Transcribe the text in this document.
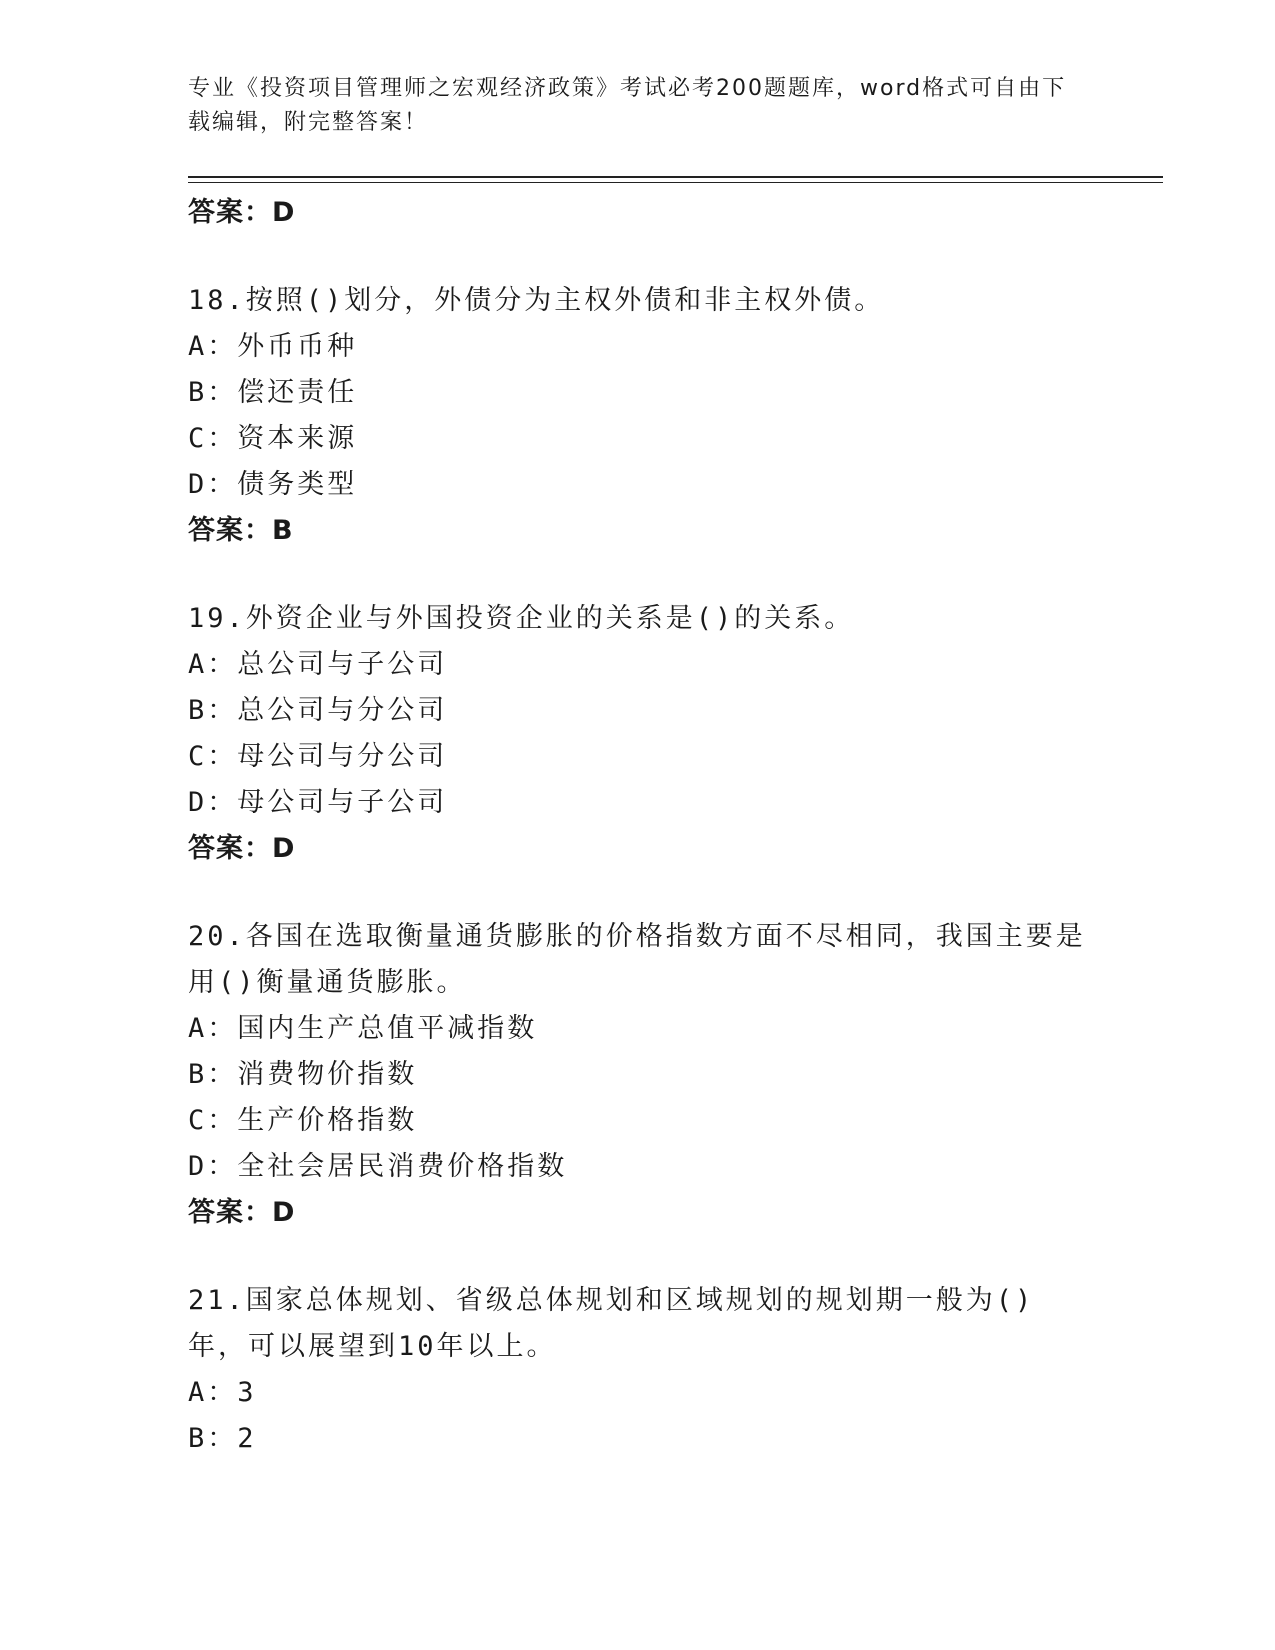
专业《投资项目管理师之宏观经济政策》考试必考200题题库，word格式可自由下载编辑，附完整答案！
答案：D
18.按照()划分，外债分为主权外债和非主权外债。
A：外币币种
B：偿还责任
C：资本来源
D：债务类型
答案：B
19.外资企业与外国投资企业的关系是()的关系。
A：总公司与子公司
B：总公司与分公司
C：母公司与分公司
D：母公司与子公司
答案：D
20.各国在选取衡量通货膨胀的价格指数方面不尽相同，我国主要是用()衡量通货膨胀。
A：国内生产总值平减指数
B：消费物价指数
C：生产价格指数
D：全社会居民消费价格指数
答案：D
21.国家总体规划、省级总体规划和区域规划的规划期一般为()年，可以展望到10年以上。
A：3
B：2
